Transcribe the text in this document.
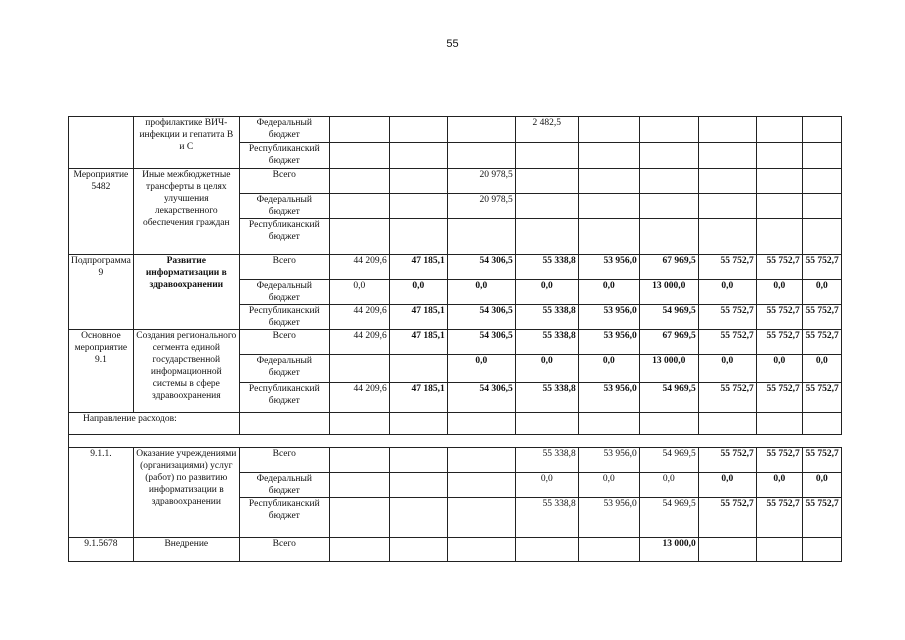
55
	профилактике ВИЧ-инфекции и гепатита В и С	Федеральный бюджет				2 482,5					
		Республиканский бюджет									
Мероприятие 5482	Иные межбюджетные трансферты в целях улучшения лекарственного обеспечения граждан	Всего			20 978,5						
		Федеральный бюджет			20 978,5						
		Республиканский бюджет									
Подпрограмма 9	Развитие информатизации в здравоохранении	Всего	44 209,6	47 185,1	54 306,5	55 338,8	53 956,0	67 969,5	55 752,7	55 752,7	55 752,7
		Федеральный бюджет	0,0	0,0	0,0	0,0	0,0	13 000,0	0,0	0,0	0,0
		Республиканский бюджет	44 209,6	47 185,1	54 306,5	55 338,8	53 956,0	54 969,5	55 752,7	55 752,7	55 752,7
Основное мероприятие 9.1	Создания регионального сегмента единой государственной информационной системы в сфере здравоохранения	Всего	44 209,6	47 185,1	54 306,5	55 338,8	53 956,0	67 969,5	55 752,7	55 752,7	55 752,7
		Федеральный бюджет			0,0	0,0	0,0	13 000,0	0,0	0,0	0,0
		Республиканский бюджет	44 209,6	47 185,1	54 306,5	55 338,8	53 956,0	54 969,5	55 752,7	55 752,7	55 752,7
Направление расходов:											

9.1.1.	Оказание учреждениями (организациями) услуг (работ) по развитию информатизации в здравоохранении	Всего				55 338,8	53 956,0	54 969,5	55 752,7	55 752,7	55 752,7
		Федеральный бюджет				0,0	0,0	0,0	0,0	0,0	0,0
		Республиканский бюджет				55 338,8	53 956,0	54 969,5	55 752,7	55 752,7	55 752,7
9.1.5678	Внедрение	Всего						13 000,0			
